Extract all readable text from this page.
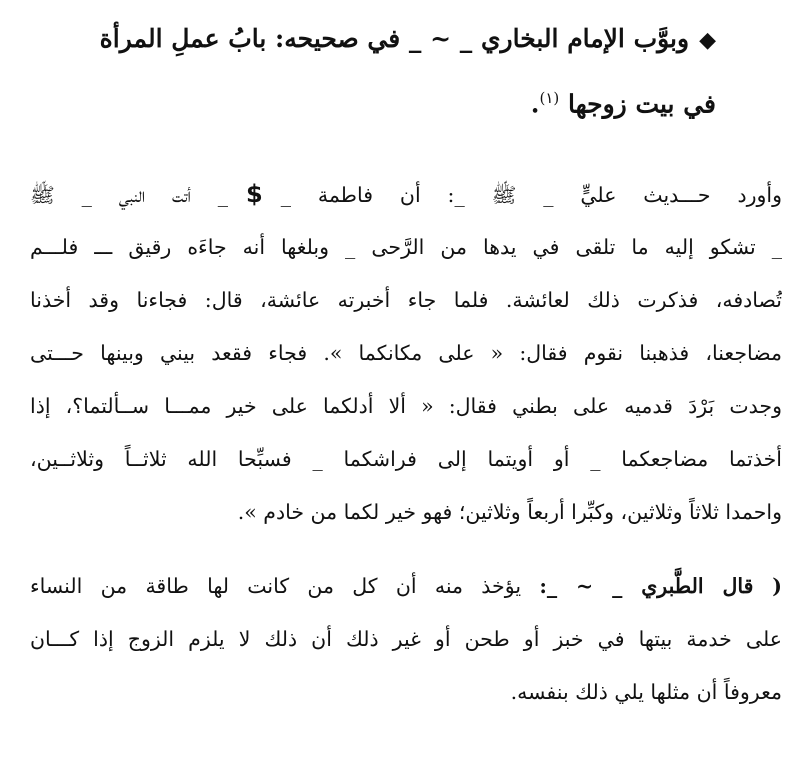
◆وبوَّب الإمام البخاري _ ~ _ في صحيحه: بابُ عملِ المرأة
في بيت زوجها $^{(١)}$.
وأورد حـــديث عليٍّ _ ﷺ _: أن فاطمة _$_ أتت النبي _ ﷺ
_ تشكو إليه ما تلقى في يدها من الرَّحى _ وبلغها أنه جاءَه رقيق ـــ فلـــم
تُصادفه، فذكرت ذلك لعائشة. فلما جاء أخبرته عائشة، قال: فجاءنا وقد أخذنا
مضاجعنا، فذهبنا نقوم فقال: « على مكانكما ». فجاء فقعد بيني وبينها حـــتى
وجدت بَرْدَ قدميه على بطني فقال: « ألا أدلكما على خير ممـــا ســألتما؟، إذا
أخذتما مضاجعكما _ أو أويتما إلى فراشكما _ فسبِّحا الله ثلاثــاً وثلاثــين،
واحمدا ثلاثاً وثلاثين، وكبِّرا أربعاً وثلاثين؛ فهو خير لكما من خادم ».
( قال الطَّبري _ ~ _: يؤخذ منه أن كل من كانت لها طاقة من النساء
على خدمة بيتها في خبز أو طحن أو غير ذلك أن ذلك لا يلزم الزوج إذا كـــان
معروفاً أن مثلها يلي ذلك بنفسه.
